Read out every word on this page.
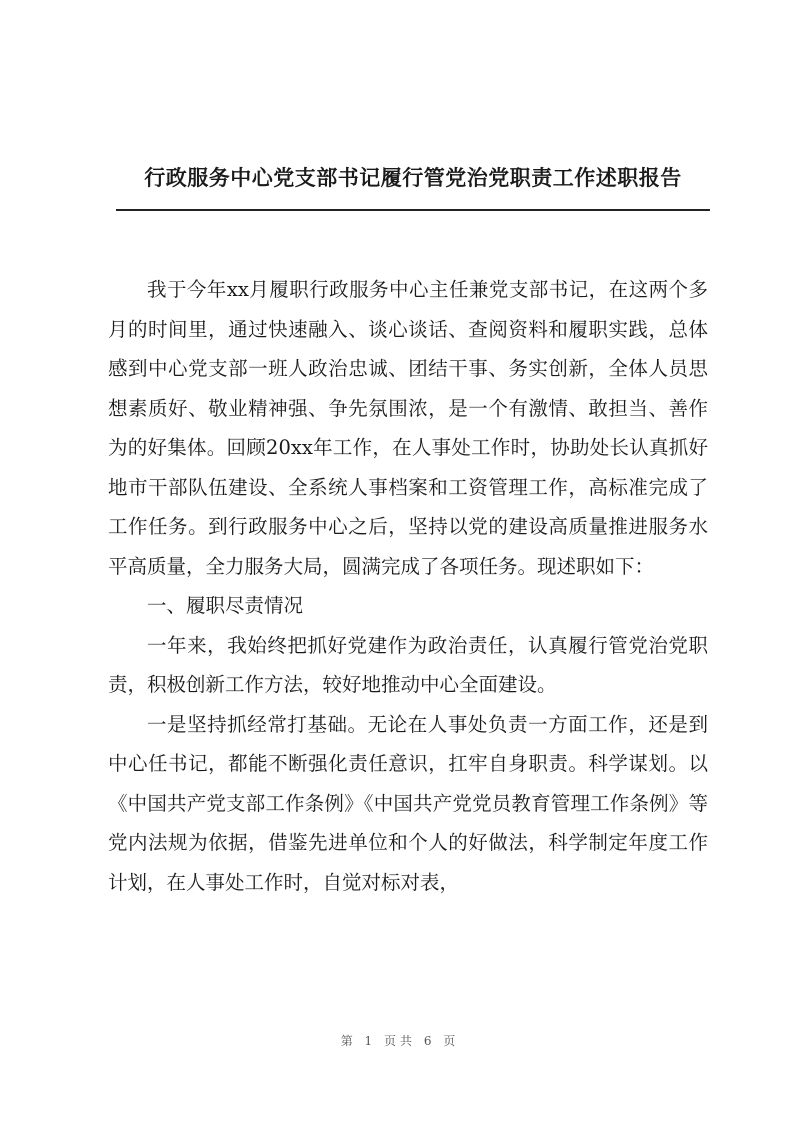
行政服务中心党支部书记履行管党治党职责工作述职报告

我于今年xx月履职行政服务中心主任兼党支部书记，在这两个多月的时间里，通过快速融入、谈心谈话、查阅资料和履职实践，总体感到中心党支部一班人政治忠诚、团结干事、务实创新，全体人员思想素质好、敬业精神强、争先氛围浓，是一个有激情、敢担当、善作为的好集体。回顾20xx年工作，在人事处工作时，协助处长认真抓好地市干部队伍建设、全系统人事档案和工资管理工作，高标准完成了工作任务。到行政服务中心之后，坚持以党的建设高质量推进服务水平高质量，全力服务大局，圆满完成了各项任务。现述职如下：

一、履职尽责情况

一年来，我始终把抓好党建作为政治责任，认真履行管党治党职责，积极创新工作方法，较好地推动中心全面建设。

一是坚持抓经常打基础。无论在人事处负责一方面工作，还是到中心任书记，都能不断强化责任意识，扛牢自身职责。科学谋划。以《中国共产党支部工作条例》《中国共产党党员教育管理工作条例》等党内法规为依据，借鉴先进单位和个人的好做法，科学制定年度工作计划，在人事处工作时，自觉对标对表，

第 1 页共 6 页
